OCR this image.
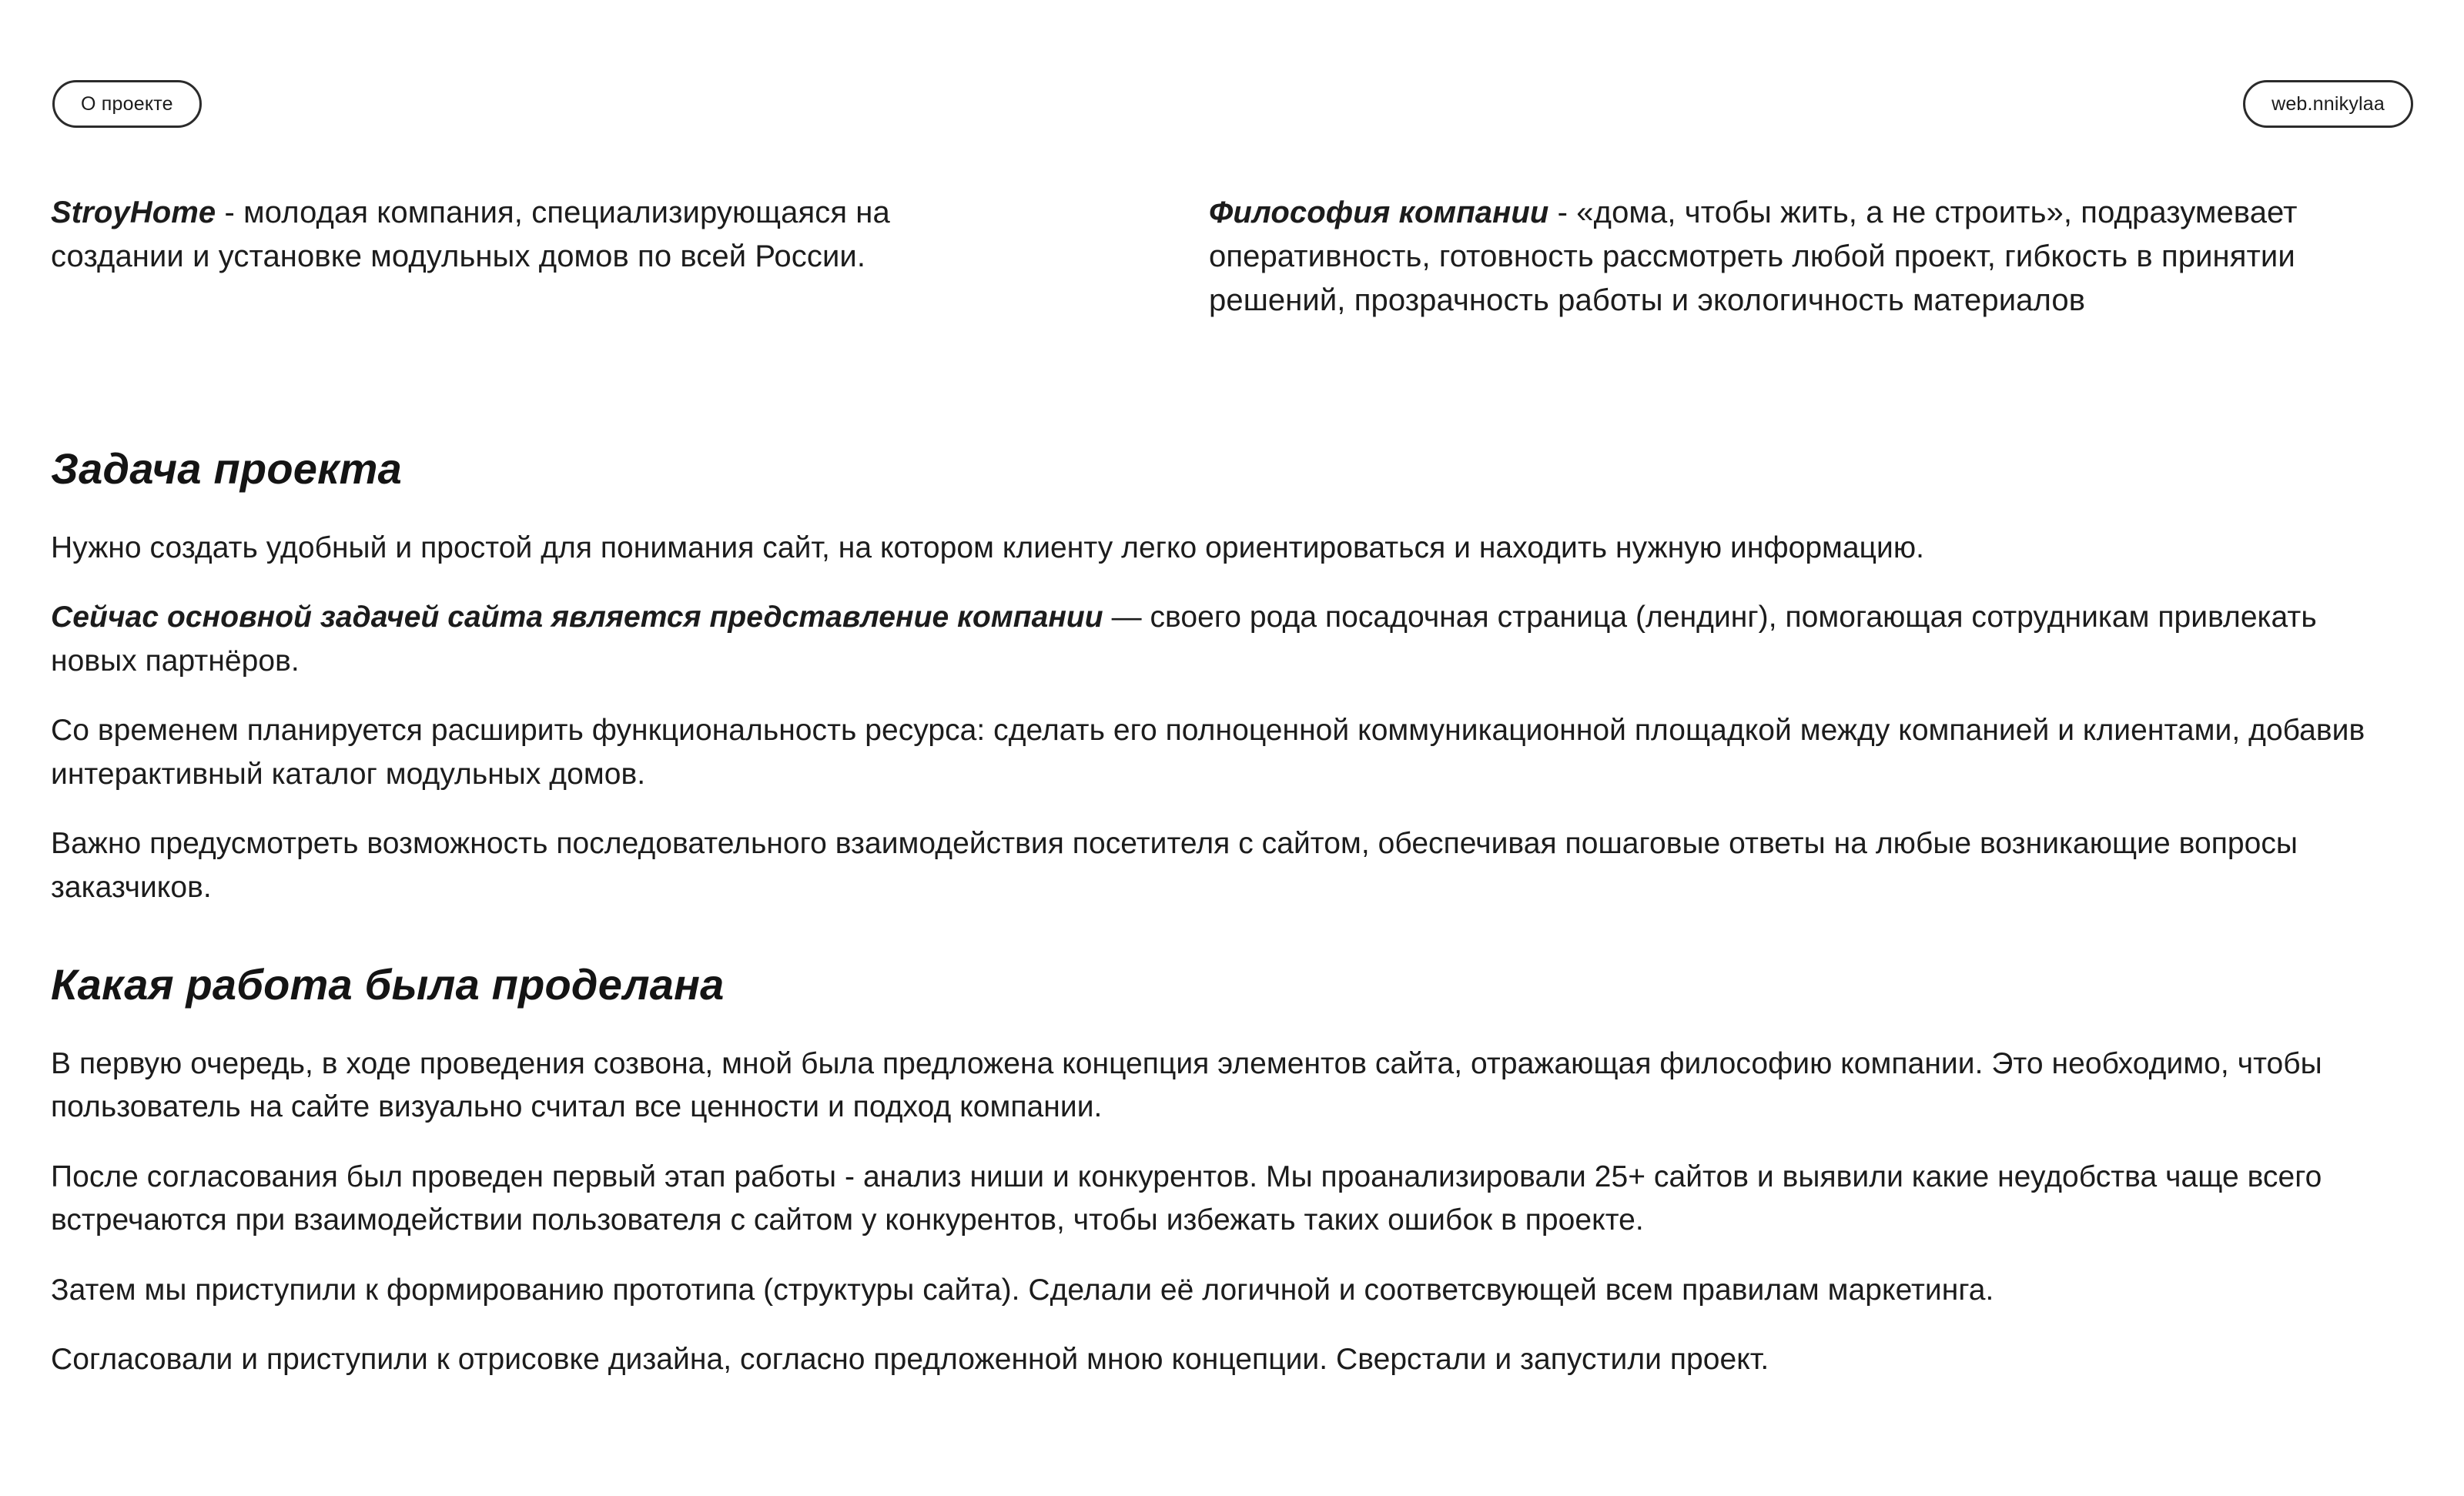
О проекте	web.nnikylaa
StroyHome - молодая компания, специализирующаяся на создании и установке модульных домов по всей России.
Философия компании - «дома, чтобы жить, а не строить», подразумевает оперативность, готовность рассмотреть любой проект, гибкость в принятии решений, прозрачность работы и экологичность материалов
Задача проекта

Нужно создать удобный и простой для понимания сайт, на котором клиенту легко ориентироваться и находить нужную информацию.

Сейчас основной задачей сайта является представление компании — своего рода посадочная страница (лендинг), помогающая сотрудникам привлекать новых партнёров.

Со временем планируется расширить функциональность ресурса: сделать его полноценной коммуникационной площадкой между компанией и клиентами, добавив интерактивный каталог модульных домов.

Важно предусмотреть возможность последовательного взаимодействия посетителя с сайтом, обеспечивая пошаговые ответы на любые возникающие вопросы заказчиков.

Какая работа была проделана

В первую очередь, в ходе проведения созвона, мной была предложена концепция элементов сайта, отражающая философию компании. Это необходимо, чтобы пользователь на сайте визуально считал все ценности и подход компании.

После согласования был проведен первый этап работы - анализ ниши и конкурентов. Мы проанализировали 25+ сайтов и выявили какие неудобства чаще всего встречаются при взаимодействии пользователя с сайтом у конкурентов, чтобы избежать таких ошибок в проекте.

Затем мы приступили к формированию прототипа (структуры сайта). Сделали её логичной и соответсвующей всем правилам маркетинга.

Согласовали и приступили к отрисовке дизайна, согласно предложенной мною концепции. Сверстали и запустили проект.
